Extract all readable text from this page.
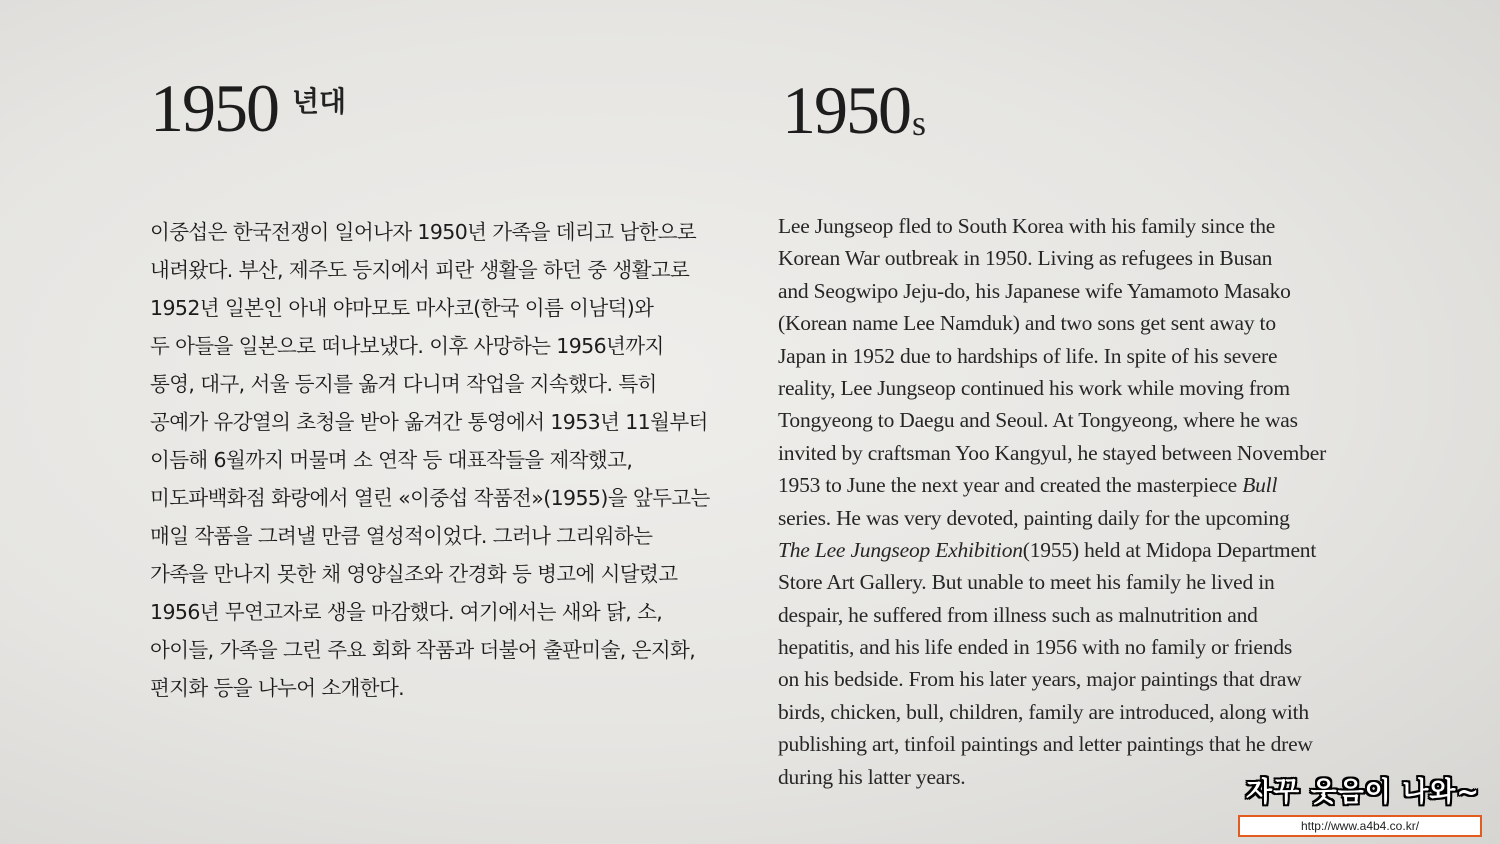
1950 년대	1950 s
이중섭은 한국전쟁이 일어나자 1950년 가족을 데리고 남한으로
내려왔다. 부산, 제주도 등지에서 피란 생활을 하던 중 생활고로
1952년 일본인 아내 야마모토 마사코(한국 이름 이남덕)와
두 아들을 일본으로 떠나보냈다. 이후 사망하는 1956년까지
통영, 대구, 서울 등지를 옮겨 다니며 작업을 지속했다. 특히
공예가 유강열의 초청을 받아 옮겨간 통영에서 1953년 11월부터
이듬해 6월까지 머물며 소 연작 등 대표작들을 제작했고,
미도파백화점 화랑에서 열린 «이중섭 작품전»(1955)을 앞두고는
매일 작품을 그려낼 만큼 열성적이었다. 그러나 그리워하는
가족을 만나지 못한 채 영양실조와 간경화 등 병고에 시달렸고
1956년 무연고자로 생을 마감했다. 여기에서는 새와 닭, 소,
아이들, 가족을 그린 주요 회화 작품과 더불어 출판미술, 은지화,
편지화 등을 나누어 소개한다.
Lee Jungseop fled to South Korea with his family since the
Korean War outbreak in 1950. Living as refugees in Busan
and Seogwipo Jeju-do, his Japanese wife Yamamoto Masako
(Korean name Lee Namduk) and two sons get sent away to
Japan in 1952 due to hardships of life. In spite of his severe
reality, Lee Jungseop continued his work while moving from
Tongyeong to Daegu and Seoul. At Tongyeong, where he was
invited by craftsman Yoo Kangyul, he stayed between November
1953 to June the next year and created the masterpiece Bull
series. He was very devoted, painting daily for the upcoming
The Lee Jungseop Exhibition(1955) held at Midopa Department
Store Art Gallery. But unable to meet his family he lived in
despair, he suffered from illness such as malnutrition and
hepatitis, and his life ended in 1956 with no family or friends
on his bedside. From his later years, major paintings that draw
birds, chicken, bull, children, family are introduced, along with
publishing art, tinfoil paintings and letter paintings that he drew
during his latter years.
자꾸 웃음이 나와~
http://www.a4b4.co.kr/
